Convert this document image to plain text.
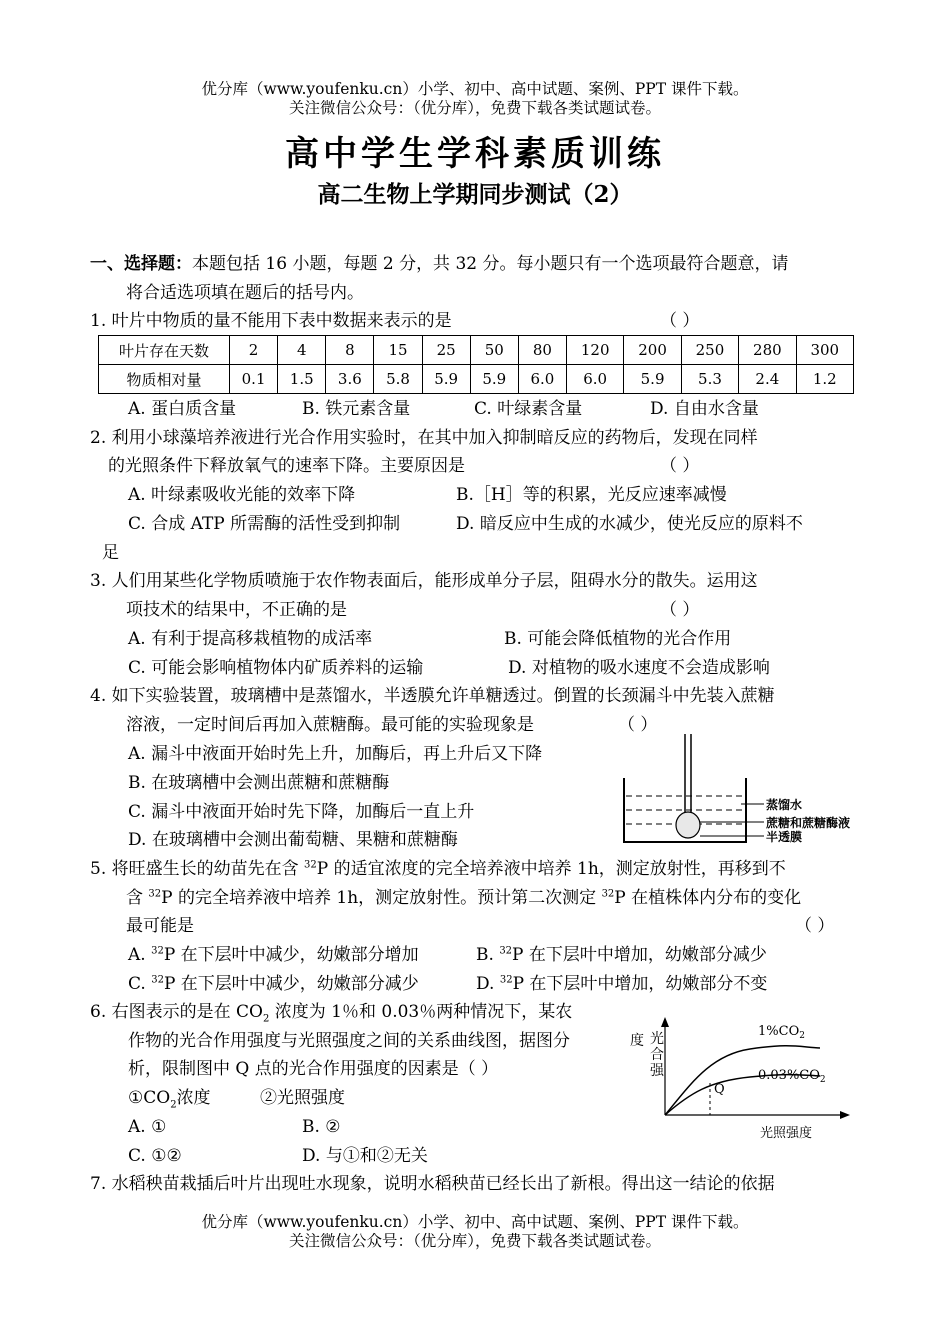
优分库（www.youfenku.cn）小学、初中、高中试题、案例、PPT 课件下载。
关注微信公众号：（优分库），免费下载各类试题试卷。
高中学生学科素质训练
高二生物上学期同步测试（2）
一、选择题：本题包括 16 小题，每题 2 分，共 32 分。每小题只有一个选项最符合题意，请
将合适选项填在题后的括号内。
1. 叶片中物质的量不能用下表中数据来表示的是	（ ）
叶片存在天数	2	4	8	15	25	50	80	120	200	250	280	300
物质相对量	0.1	1.5	3.6	5.8	5.9	5.9	6.0	6.0	5.9	5.3	2.4	1.2
A. 蛋白质含量	B. 铁元素含量	C. 叶绿素含量	D. 自由水含量
2. 利用小球藻培养液进行光合作用实验时，在其中加入抑制暗反应的药物后，发现在同样
的光照条件下释放氧气的速率下降。主要原因是	（ ）
A. 叶绿素吸收光能的效率下降	B.［H］等的积累，光反应速率减慢
C. 合成 ATP 所需酶的活性受到抑制	D. 暗反应中生成的水减少，使光反应的原料不
足
3. 人们用某些化学物质喷施于农作物表面后，能形成单分子层，阻碍水分的散失。运用这
项技术的结果中，不正确的是	（ ）
A. 有利于提高移栽植物的成活率	B. 可能会降低植物的光合作用
C. 可能会影响植物体内矿质养料的运输	D. 对植物的吸水速度不会造成影响
4. 如下实验装置，玻璃槽中是蒸馏水，半透膜允许单糖透过。倒置的长颈漏斗中先装入蔗糖
溶液，一定时间后再加入蔗糖酶。最可能的实验现象是	（ ）
A. 漏斗中液面开始时先上升，加酶后，再上升后又下降
B. 在玻璃槽中会测出蔗糖和蔗糖酶
C. 漏斗中液面开始时先下降，加酶后一直上升
D. 在玻璃槽中会测出葡萄糖、果糖和蔗糖酶
蒸馏水
蔗糖和蔗糖酶液
半透膜
5. 将旺盛生长的幼苗先在含 $^{32}$P 的适宜浓度的完全培养液中培养 1h，测定放射性，再移到不
含 $^{32}$P 的完全培养液中培养 1h，测定放射性。预计第二次测定 $^{32}$P 在植株体内分布的变化
最可能是	（ ）
A. $^{32}$P 在下层叶中减少，幼嫩部分增加	B. $^{32}$P 在下层叶中增加，幼嫩部分减少
C. $^{32}$P 在下层叶中减少，幼嫩部分减少	D. $^{32}$P 在下层叶中增加，幼嫩部分不变
6. 右图表示的是在 $CO_2$ 浓度为 1％和 0.03％两种情况下，某农
作物的光合作用强度与光照强度之间的关系曲线图，据图分
析，限制图中 Q 点的光合作用强度的因素是（ ）
$①CO_2$浓度	②光照强度
A. ①	B. ②
C. ①②	D. 与①和②无关
光
合
强
度
Q
$1\%CO_2$
$0.03\%CO_2$
光照强度
7. 水稻秧苗栽插后叶片出现吐水现象，说明水稻秧苗已经长出了新根。得出这一结论的依据
优分库（www.youfenku.cn）小学、初中、高中试题、案例、PPT 课件下载。
关注微信公众号：（优分库），免费下载各类试题试卷。
